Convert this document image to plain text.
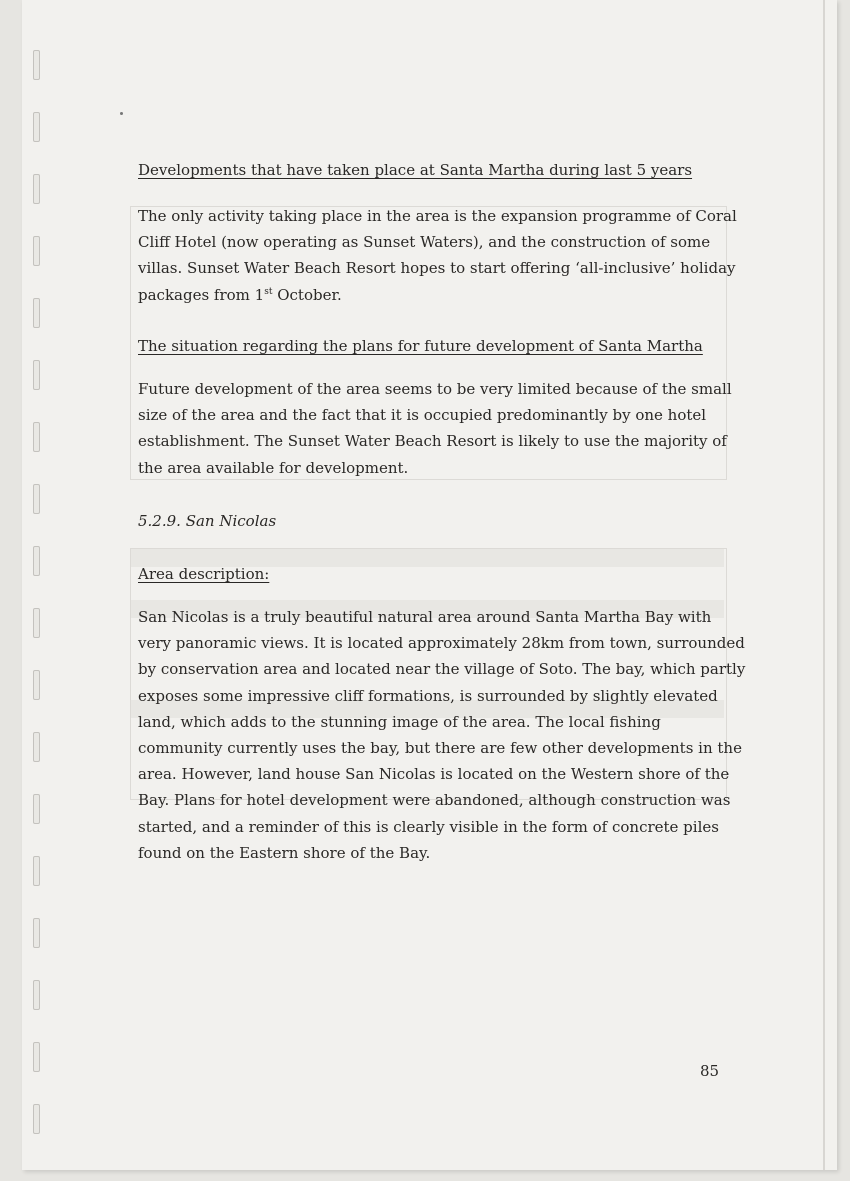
Developments that have taken place at Santa Martha during last 5 years
The only activity taking place in the area is the expansion programme of Coral
Cliff Hotel (now operating as Sunset Waters), and the construction of some
villas. Sunset Water Beach Resort hopes to start offering ‘all-inclusive’ holiday
packages from 1st October.
The situation regarding the plans for future development of Santa Martha
Future development of the area seems to be very limited because of the small
size of the area and the fact that it is occupied predominantly by one hotel
establishment. The Sunset Water Beach Resort is likely to use the majority of
the area available for development.
5.2.9. San Nicolas
Area description:
San Nicolas is a truly beautiful natural area around Santa Martha Bay with
very panoramic views. It is located approximately 28km from town, surrounded
by conservation area and located near the village of Soto. The bay, which partly
exposes some impressive cliff formations, is surrounded by slightly elevated
land, which adds to the stunning image of the area. The local fishing
community currently uses the bay, but there are few other developments in the
area. However, land house San Nicolas is located on the Western shore of the
Bay. Plans for hotel development were abandoned, although construction was
started, and a reminder of this is clearly visible in the form of concrete piles
found on the Eastern shore of the Bay.
85
